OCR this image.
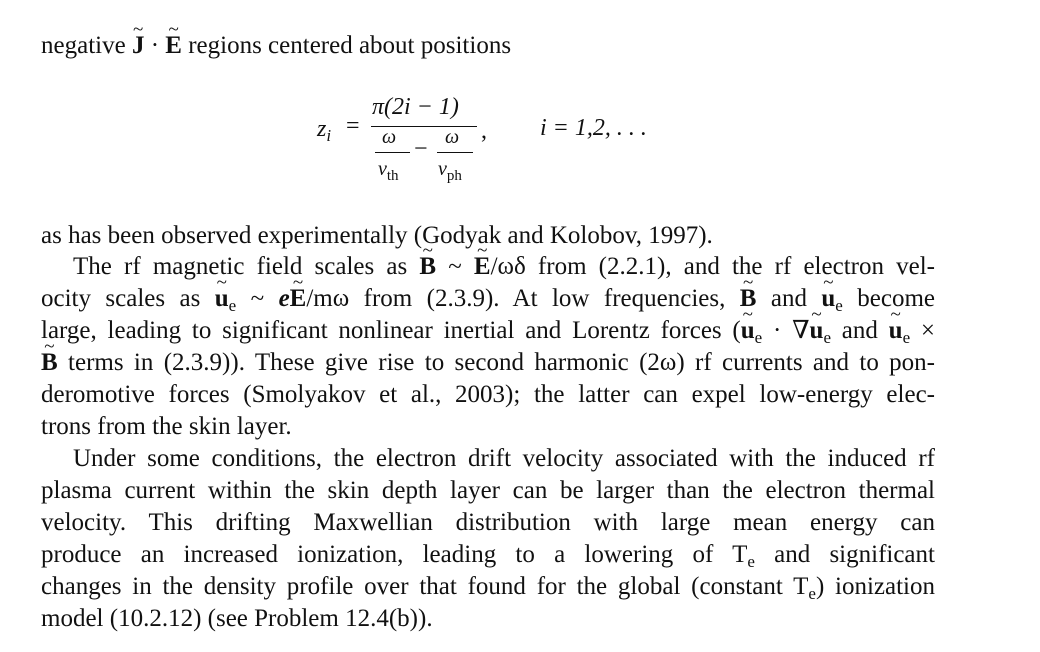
negative ~ J · ~ E regions centered about positions
$z_i$ =
π(2i − 1)
ω
$v_{th}$
− ω
$v_{ph}$
, i = 1,2, . . .
as has been observed experimentally (Godyak and Kolobov, 1997).
The rf magnetic field scales as ~ B ~ ~ E/ωδ from (2.2.1), and the rf electron vel-
ocity scales as ~ $u_e$ ~ e~ E/mω from (2.3.9). At low frequencies, ~ B and ~ $u_e$ become
large, leading to significant nonlinear inertial and Lorentz forces (~ $u_e$ · ∇~ $u_e$ and ~ $u_e$ ×
~ B terms in (2.3.9)). These give rise to second harmonic (2ω) rf currents and to pon-
deromotive forces (Smolyakov et al., 2003); the latter can expel low-energy elec-
trons from the skin layer.
Under some conditions, the electron drift velocity associated with the induced rf
plasma current within the skin depth layer can be larger than the electron thermal
velocity. This drifting Maxwellian distribution with large mean energy can
produce an increased ionization, leading to a lowering of $T_e$ and significant
changes in the density profile over that found for the global (constant $T_e$) ionization
model (10.2.12) (see Problem 12.4(b)).
